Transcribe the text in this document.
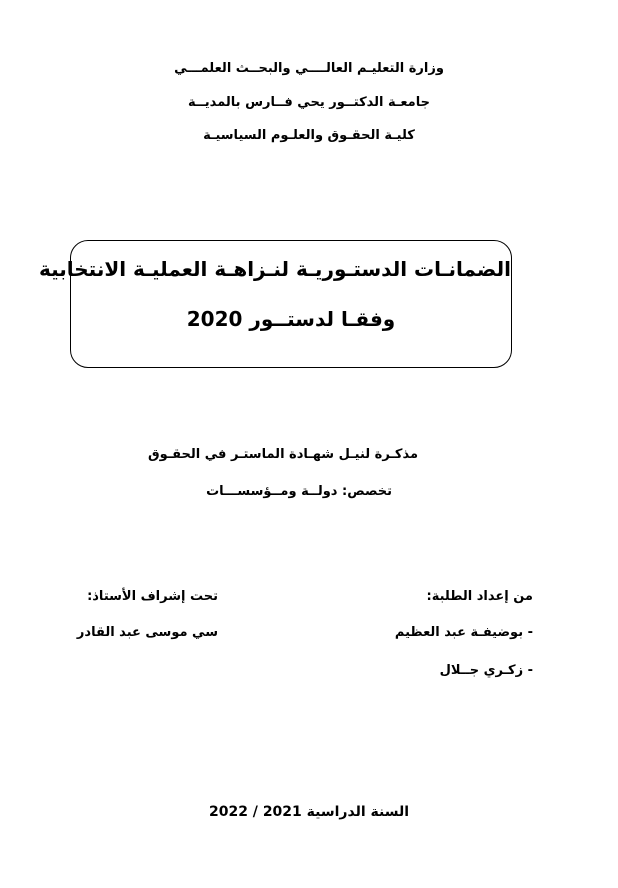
وزارة التعليـم العالــــي والبحــث العلمـــي
جامعـة الدكتــور يحي فــارس بالمديــة
كليـة الحقـوق والعلـوم السياسيـة
الضمانـات الدستـوريـة لنـزاهـة العمليـة الانتخابية
وفقـا لدستــور 2020
مذكـرة لنيـل شهـادة الماستـر في الحقـوق
تخصص: دولــة ومــؤسســـات
من إعداد الطلبة:
- بوضيفـة عبد العظيم
- زكـري جــلال
تحت إشراف الأستاذ:
سي موسى عبد القادر
السنة الدراسية 2021 / 2022
